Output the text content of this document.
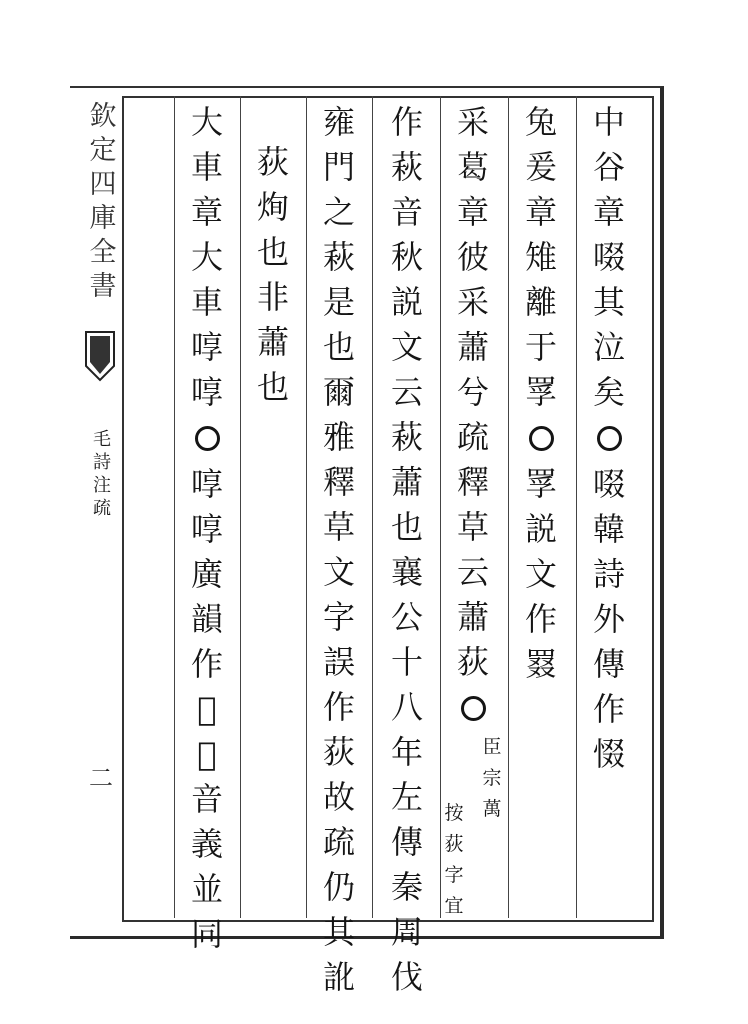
欽
定
四
庫
全
書
毛
詩
注
疏
二
中
谷
章
啜
其
泣
矣
啜
韓
詩
外
傳
作
惙
兔
爰
章
雉
離
于
罦
罦
説
文
作
罬
采
葛
章
彼
采
蕭
兮
疏
釋
草
云
蕭
荻
按
荻
字
宜
臣
宗
萬
作
萩
音
秋
説
文
云
萩
蕭
也
襄
公
十
八
年
左
傳
秦
周
伐
雍
門
之
萩
是
也
爾
雅
釋
草
文
字
誤
作
荻
故
疏
仍
其
訛
荻
㶷
也
非
蕭
也
大
車
章
大
車
啍
啍
啍
啍
廣
韻
作
𠻵
𠻵
音
義
並
同
